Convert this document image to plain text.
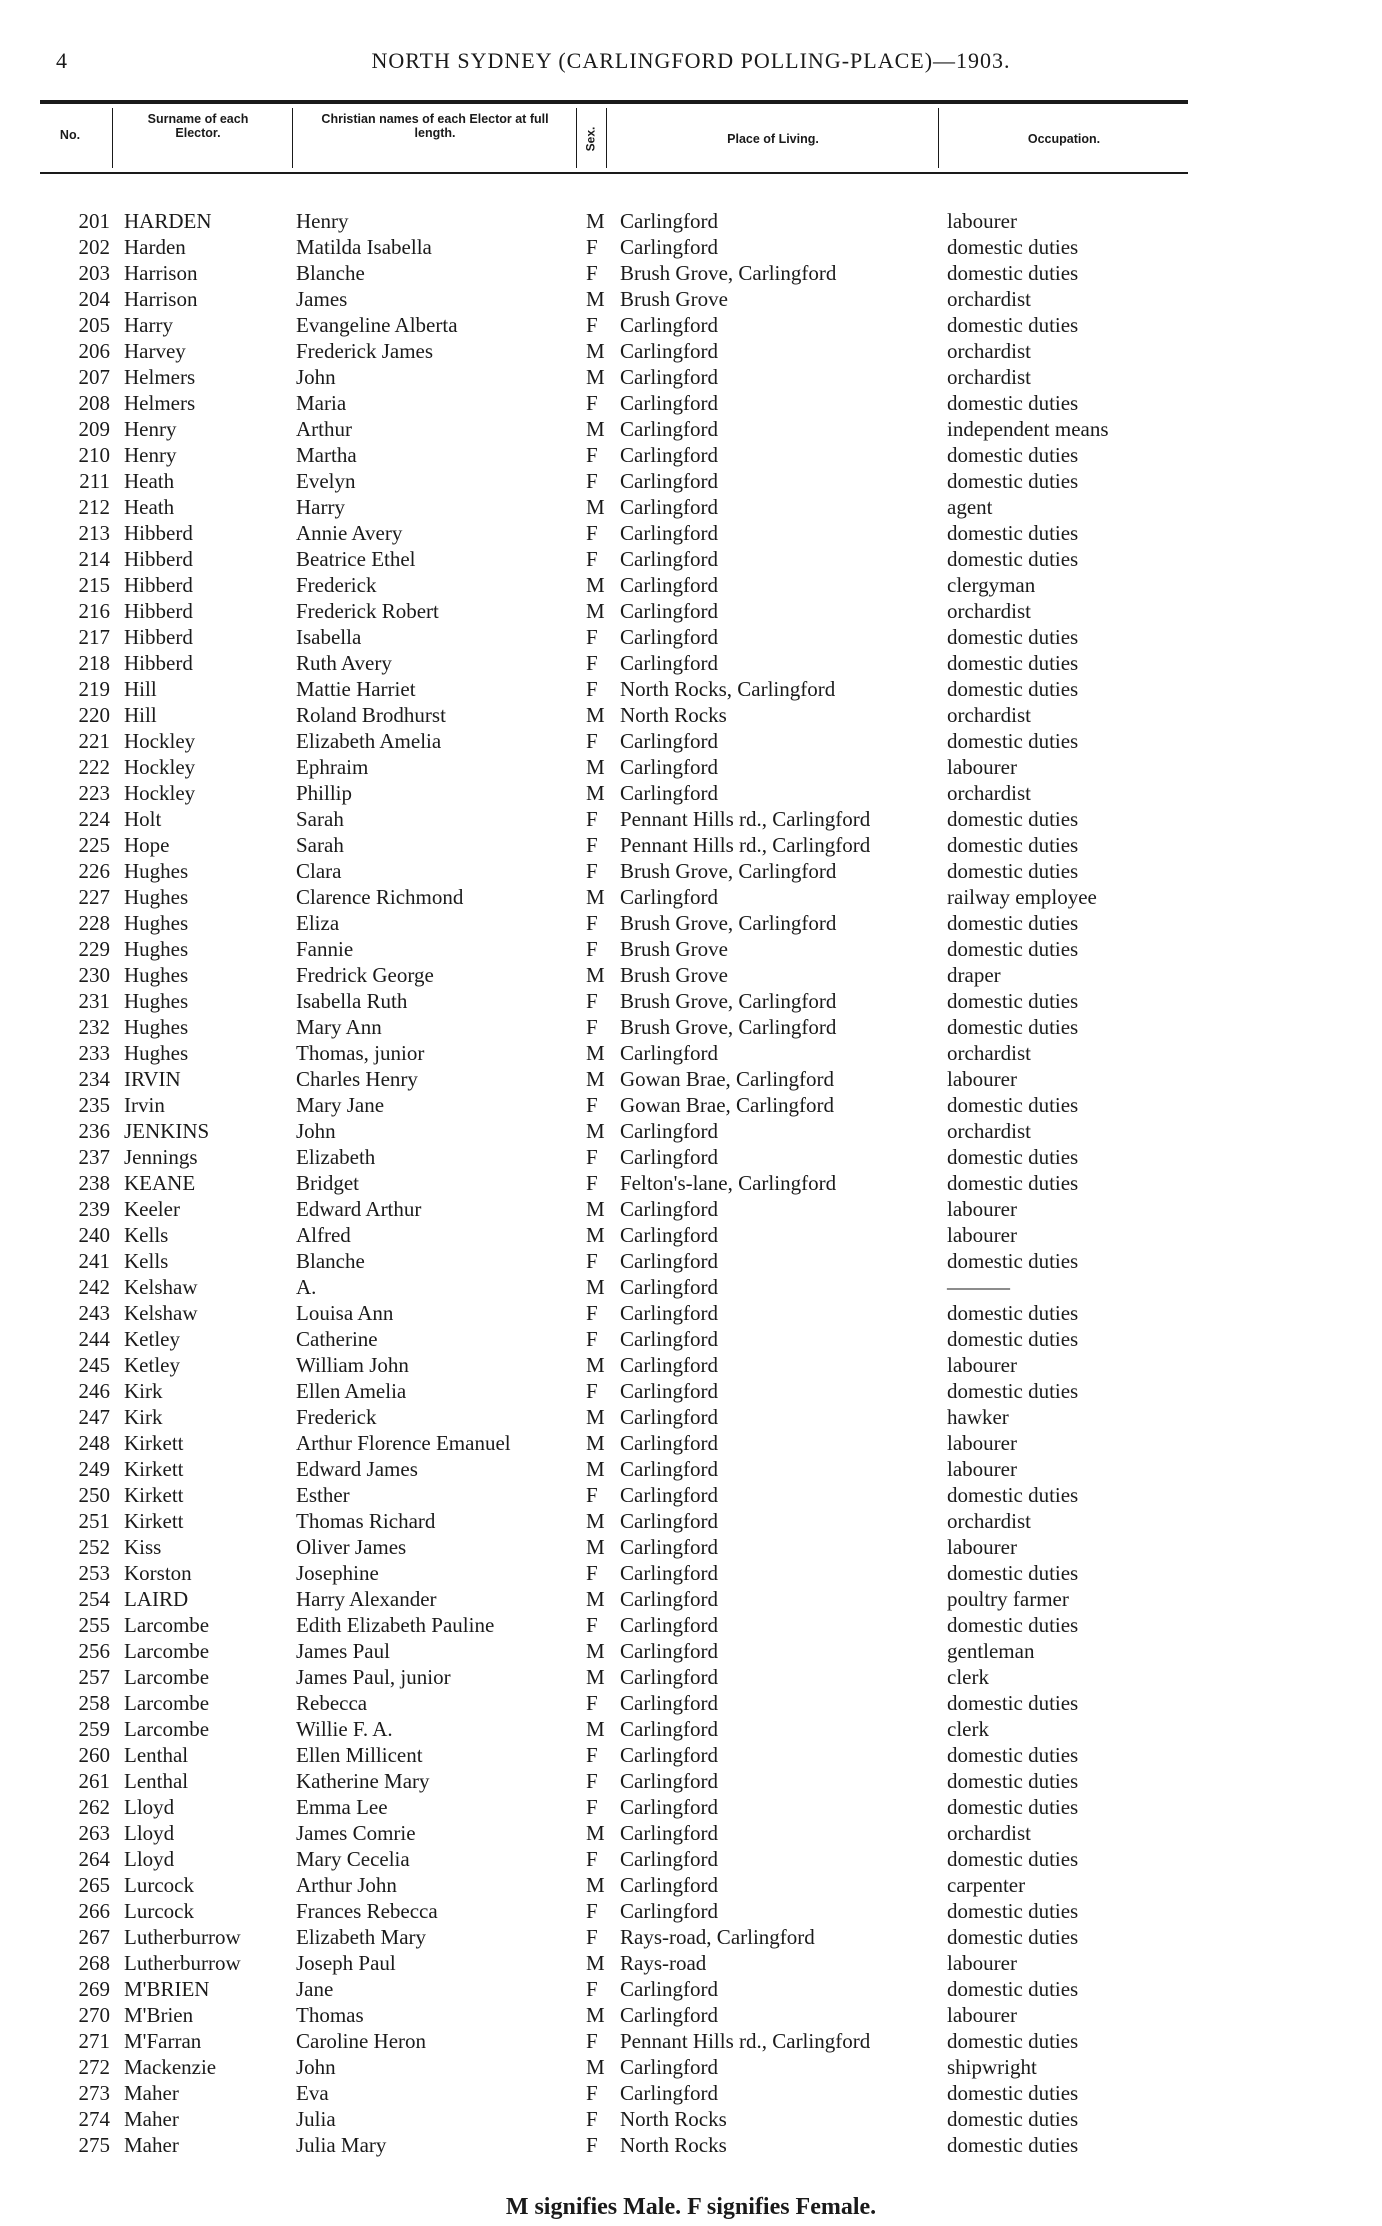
4	NORTH SYDNEY (CARLINGFORD POLLING-PLACE)—1903.
No.
Surname of each Elector.
Christian names of each Elector at full length.	Sex.	Place of Living.	Occupation.
201 HARDEN	Henry	M Carlingford	labourer
202 Harden	Matilda Isabella	F Carlingford	domestic duties
203 Harrison	Blanche	F Brush Grove, Carlingford	domestic duties
204 Harrison	James	M Brush Grove	orchardist
205 Harry	Evangeline Alberta	F Carlingford	domestic duties
206 Harvey	Frederick James	M Carlingford	orchardist
207 Helmers	John	M Carlingford	orchardist
208 Helmers	Maria	F Carlingford	domestic duties
209 Henry	Arthur	M Carlingford	independent means
210 Henry	Martha	F Carlingford	domestic duties
211 Heath	Evelyn	F Carlingford	domestic duties
212 Heath	Harry	M Carlingford	agent
213 Hibberd	Annie Avery	F Carlingford	domestic duties
214 Hibberd	Beatrice Ethel	F Carlingford	domestic duties
215 Hibberd	Frederick	M Carlingford	clergyman
216 Hibberd	Frederick Robert	M Carlingford	orchardist
217 Hibberd	Isabella	F Carlingford	domestic duties
218 Hibberd	Ruth Avery	F Carlingford	domestic duties
219 Hill	Mattie Harriet	F North Rocks, Carlingford	domestic duties
220 Hill	Roland Brodhurst	M North Rocks	orchardist
221 Hockley	Elizabeth Amelia	F Carlingford	domestic duties
222 Hockley	Ephraim	M Carlingford	labourer
223 Hockley	Phillip	M Carlingford	orchardist
224 Holt	Sarah	F Pennant Hills rd., Carlingford	domestic duties
225 Hope	Sarah	F Pennant Hills rd., Carlingford	domestic duties
226 Hughes	Clara	F Brush Grove, Carlingford	domestic duties
227 Hughes	Clarence Richmond	M Carlingford	railway employee
228 Hughes	Eliza	F Brush Grove, Carlingford	domestic duties
229 Hughes	Fannie	F Brush Grove	domestic duties
230 Hughes	Fredrick George	M Brush Grove	draper
231 Hughes	Isabella Ruth	F Brush Grove, Carlingford	domestic duties
232 Hughes	Mary Ann	F Brush Grove, Carlingford	domestic duties
233 Hughes	Thomas, junior	M Carlingford	orchardist
234 IRVIN	Charles Henry	M Gowan Brae, Carlingford	labourer
235 Irvin	Mary Jane	F Gowan Brae, Carlingford	domestic duties
236 JENKINS	John	M Carlingford	orchardist
237 Jennings	Elizabeth	F Carlingford	domestic duties
238 KEANE	Bridget	F Felton's-lane, Carlingford	domestic duties
239 Keeler	Edward Arthur	M Carlingford	labourer
240 Kells	Alfred	M Carlingford	labourer
241 Kells	Blanche	F Carlingford	domestic duties
242 Kelshaw	A.	M Carlingford	———
243 Kelshaw	Louisa Ann	F Carlingford	domestic duties
244 Ketley	Catherine	F Carlingford	domestic duties
245 Ketley	William John	M Carlingford	labourer
246 Kirk	Ellen Amelia	F Carlingford	domestic duties
247 Kirk	Frederick	M Carlingford	hawker
248 Kirkett	Arthur Florence Emanuel	M Carlingford	labourer
249 Kirkett	Edward James	M Carlingford	labourer
250 Kirkett	Esther	F Carlingford	domestic duties
251 Kirkett	Thomas Richard	M Carlingford	orchardist
252 Kiss	Oliver James	M Carlingford	labourer
253 Korston	Josephine	F Carlingford	domestic duties
254 LAIRD	Harry Alexander	M Carlingford	poultry farmer
255 Larcombe	Edith Elizabeth Pauline	F Carlingford	domestic duties
256 Larcombe	James Paul	M Carlingford	gentleman
257 Larcombe	James Paul, junior	M Carlingford	clerk
258 Larcombe	Rebecca	F Carlingford	domestic duties
259 Larcombe	Willie F. A.	M Carlingford	clerk
260 Lenthal	Ellen Millicent	F Carlingford	domestic duties
261 Lenthal	Katherine Mary	F Carlingford	domestic duties
262 Lloyd	Emma Lee	F Carlingford	domestic duties
263 Lloyd	James Comrie	M Carlingford	orchardist
264 Lloyd	Mary Cecelia	F Carlingford	domestic duties
265 Lurcock	Arthur John	M Carlingford	carpenter
266 Lurcock	Frances Rebecca	F Carlingford	domestic duties
267 Lutherburrow	Elizabeth Mary	F Rays-road, Carlingford	domestic duties
268 Lutherburrow	Joseph Paul	M Rays-road	labourer
269 M'BRIEN	Jane	F Carlingford	domestic duties
270 M'Brien	Thomas	M Carlingford	labourer
271 M'Farran	Caroline Heron	F Pennant Hills rd., Carlingford	domestic duties
272 Mackenzie	John	M Carlingford	shipwright
273 Maher	Eva	F Carlingford	domestic duties
274 Maher	Julia	F North Rocks	domestic duties
275 Maher	Julia Mary	F North Rocks	domestic duties
M signifies Male. F signifies Female.
